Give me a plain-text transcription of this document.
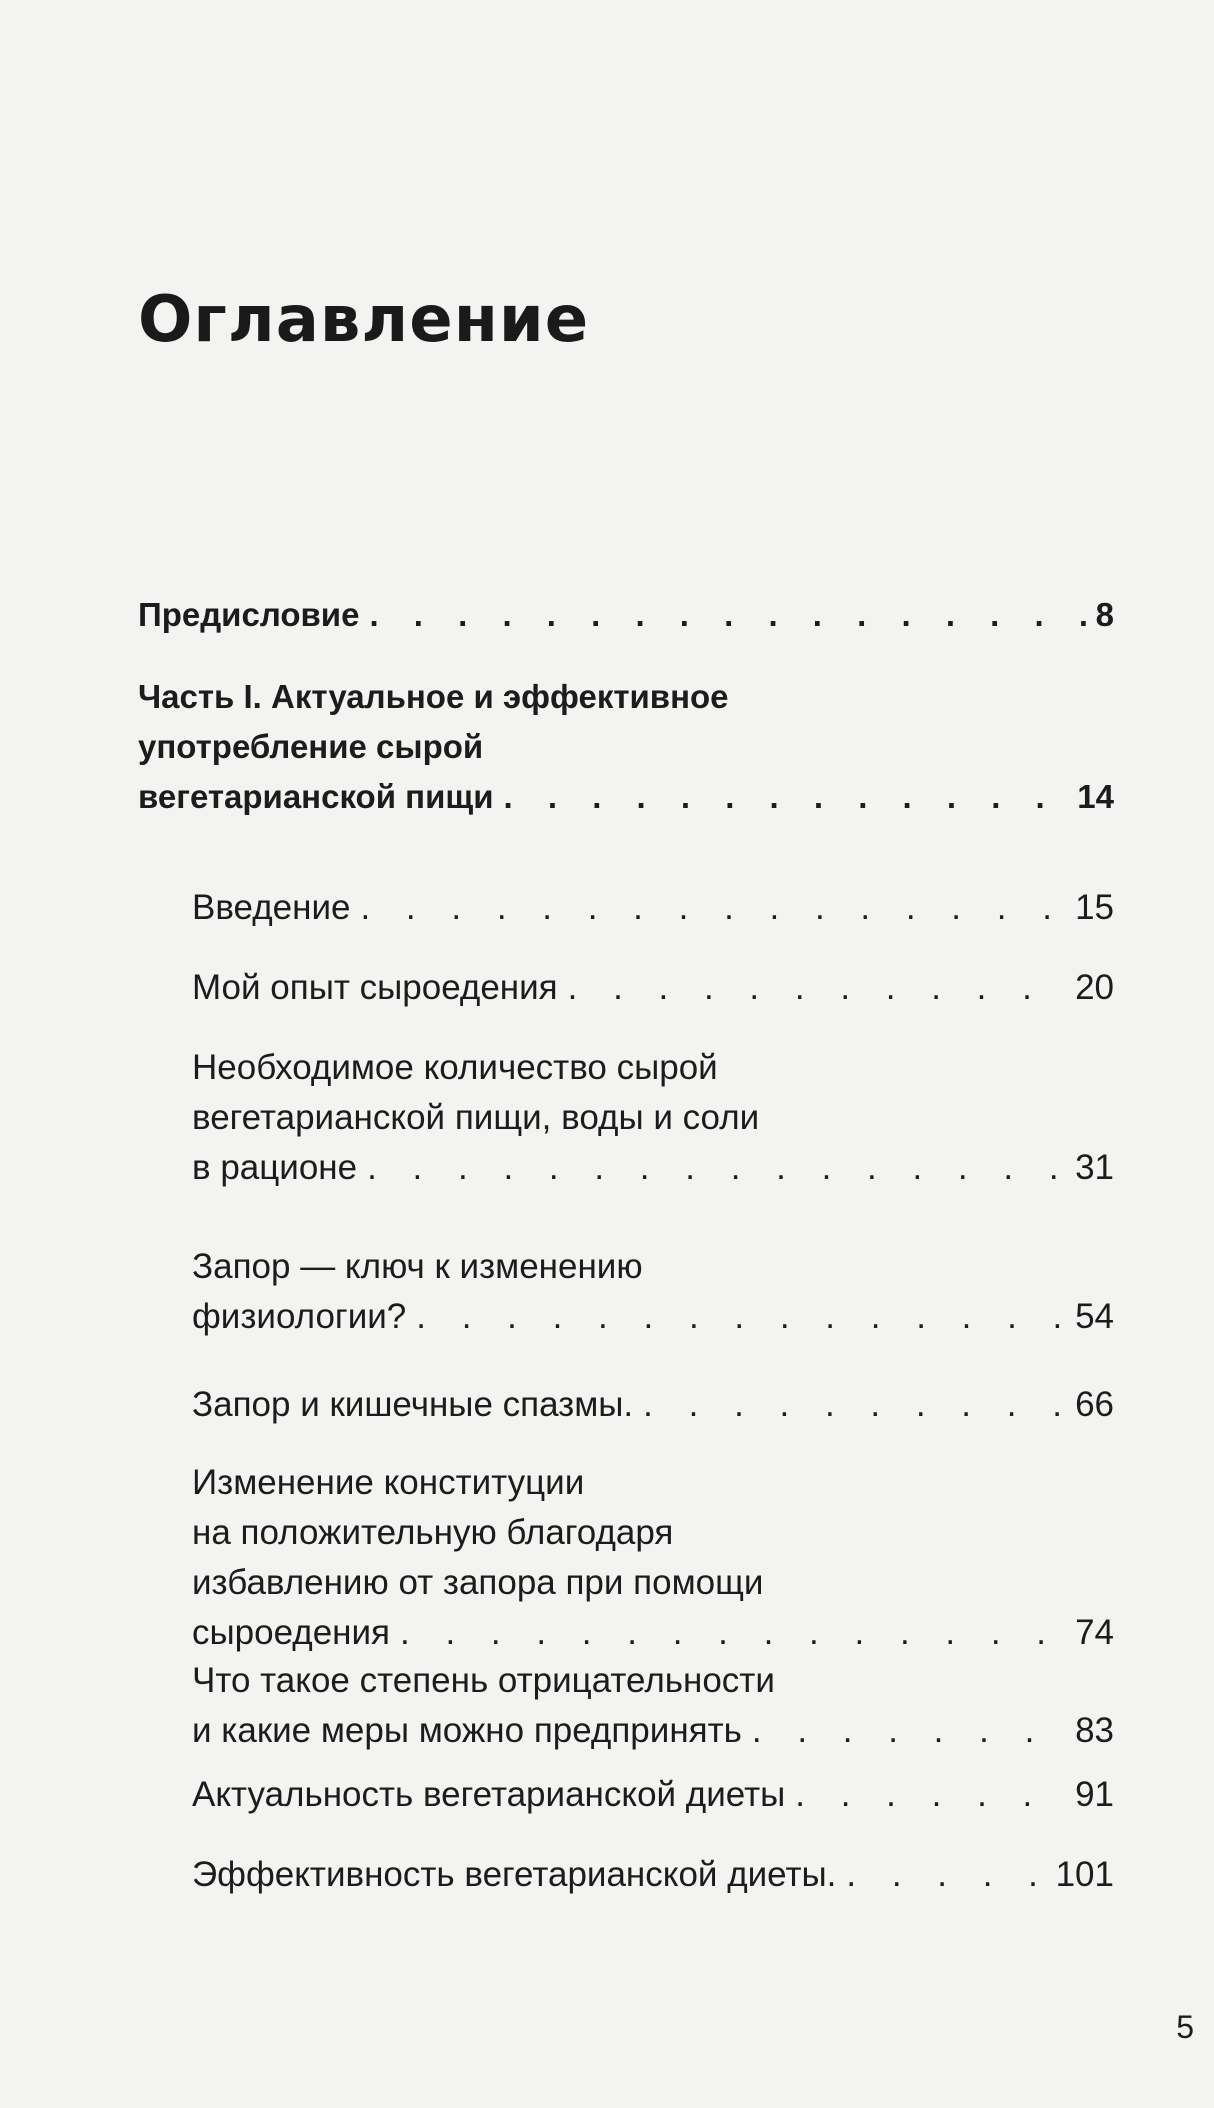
Оглавление
Предисловие . . .	8
Часть I. Актуальное и эффективное
употребление сырой
вегетарианской пищи . . .	14
Введение . . .	15
Мой опыт сыроедения . . .	20
Необходимое количество сырой
вегетарианской пищи, воды и соли
в рационе . . .	31
Запор — ключ к изменению
физиологии? . . .	54
Запор и кишечные спазмы. . . .	66
Изменение конституции
на положительную благодаря
избавлению от запора при помощи
сыроедения . . .	74
Что такое степень отрицательности
и какие меры можно предпринять . . .	83
Актуальность вегетарианской диеты . . .	91
Эффективность вегетарианской диеты. . . .	101
5
